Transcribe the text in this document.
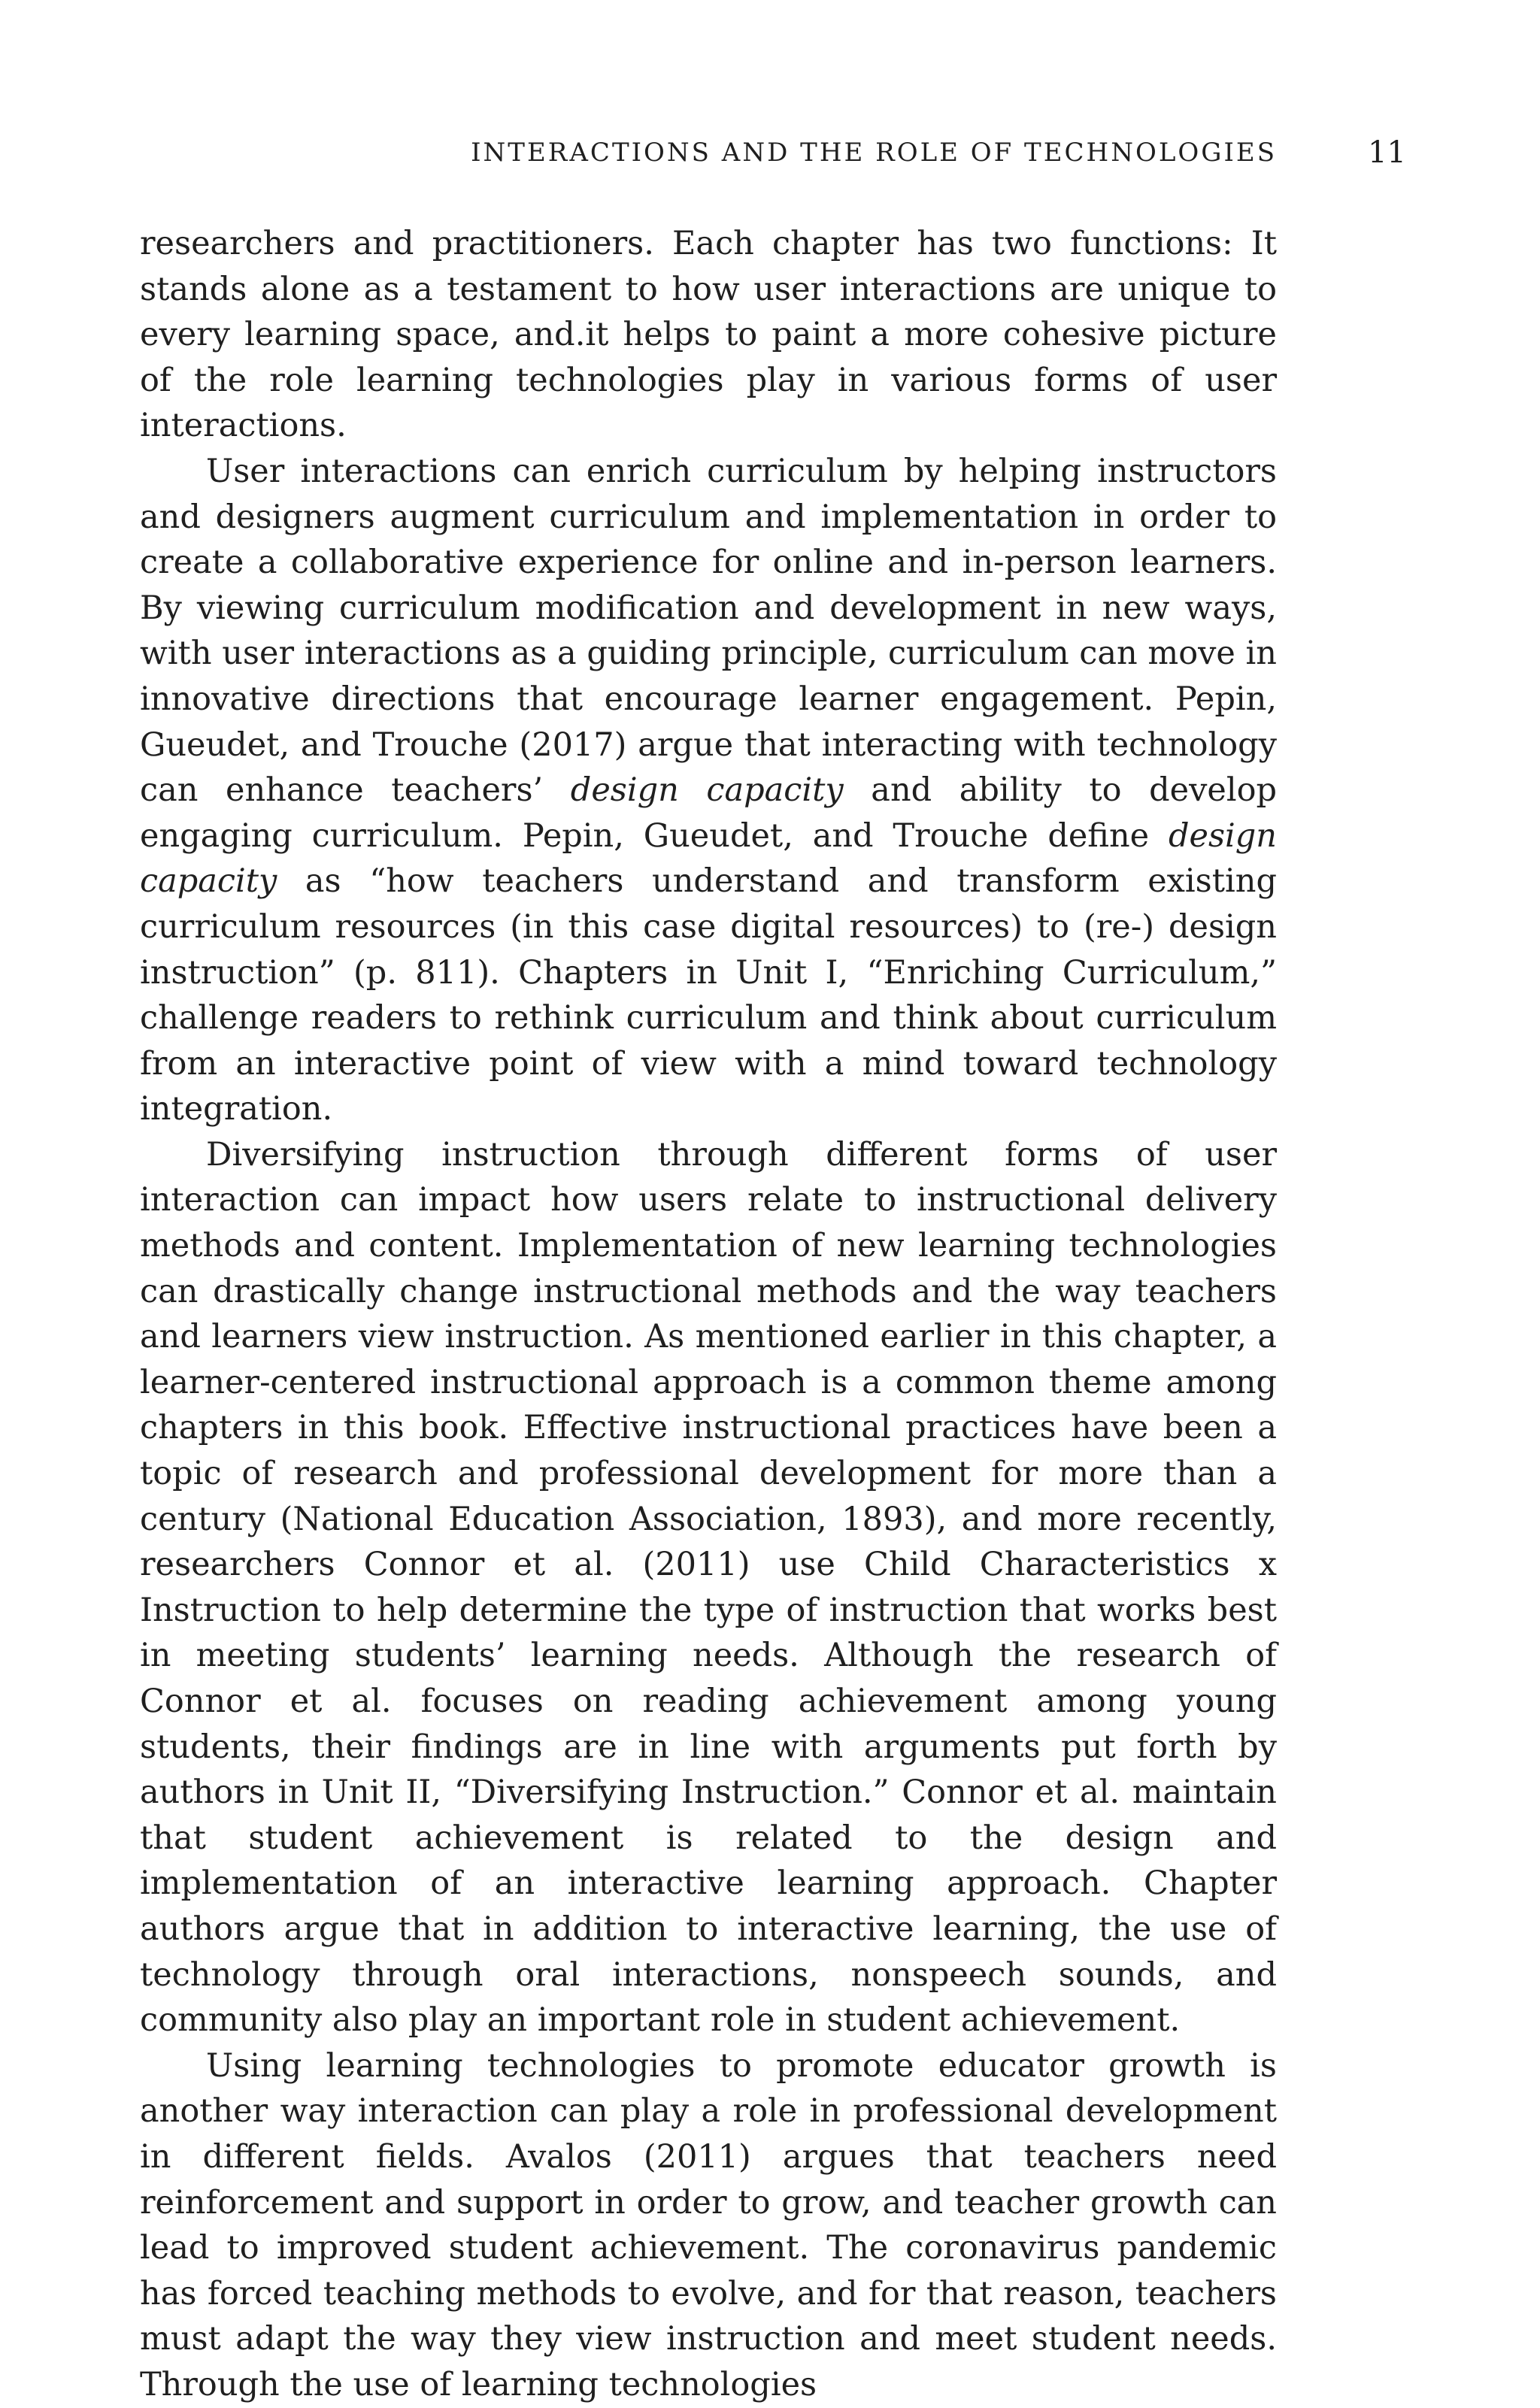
INTERACTIONS AND THE ROLE OF TECHNOLOGIES	11

researchers and practitioners. Each chapter has two functions: It stands alone as a testament to how user interactions are unique to every learning space, and.it helps to paint a more cohesive picture of the role learning technologies play in various forms of user interactions.

User interactions can enrich curriculum by helping instructors and designers augment curriculum and implementation in order to create a collaborative experience for online and in-person learners. By viewing curriculum modification and development in new ways, with user interactions as a guiding principle, curriculum can move in innovative directions that encourage learner engagement. Pepin, Gueudet, and Trouche (2017) argue that interacting with technology can enhance teachers’ design capacity and ability to develop engaging curriculum. Pepin, Gueudet, and Trouche define design capacity as “how teachers understand and transform existing curriculum resources (in this case digital resources) to (re-) design instruction” (p. 811). Chapters in Unit I, “Enriching Curriculum,” challenge readers to rethink curriculum and think about curriculum from an interactive point of view with a mind toward technology integration.

Diversifying instruction through different forms of user interaction can impact how users relate to instructional delivery methods and content. Implementation of new learning technologies can drastically change instructional methods and the way teachers and learners view instruction. As mentioned earlier in this chapter, a learner-centered instructional approach is a common theme among chapters in this book. Effective instructional practices have been a topic of research and professional development for more than a century (National Education Association, 1893), and more recently, researchers Connor et al. (2011) use Child Characteristics x Instruction to help determine the type of instruction that works best in meeting students’ learning needs. Although the research of Connor et al. focuses on reading achievement among young students, their findings are in line with arguments put forth by authors in Unit II, “Diversifying Instruction.” Connor et al. maintain that student achievement is related to the design and implementation of an interactive learning approach. Chapter authors argue that in addition to interactive learning, the use of technology through oral interactions, nonspeech sounds, and community also play an important role in student achievement.

Using learning technologies to promote educator growth is another way interaction can play a role in professional development in different fields. Avalos (2011) argues that teachers need reinforcement and support in order to grow, and teacher growth can lead to improved student achievement. The coronavirus pandemic has forced teaching methods to evolve, and for that reason, teachers must adapt the way they view instruction and meet student needs. Through the use of learning technologies
